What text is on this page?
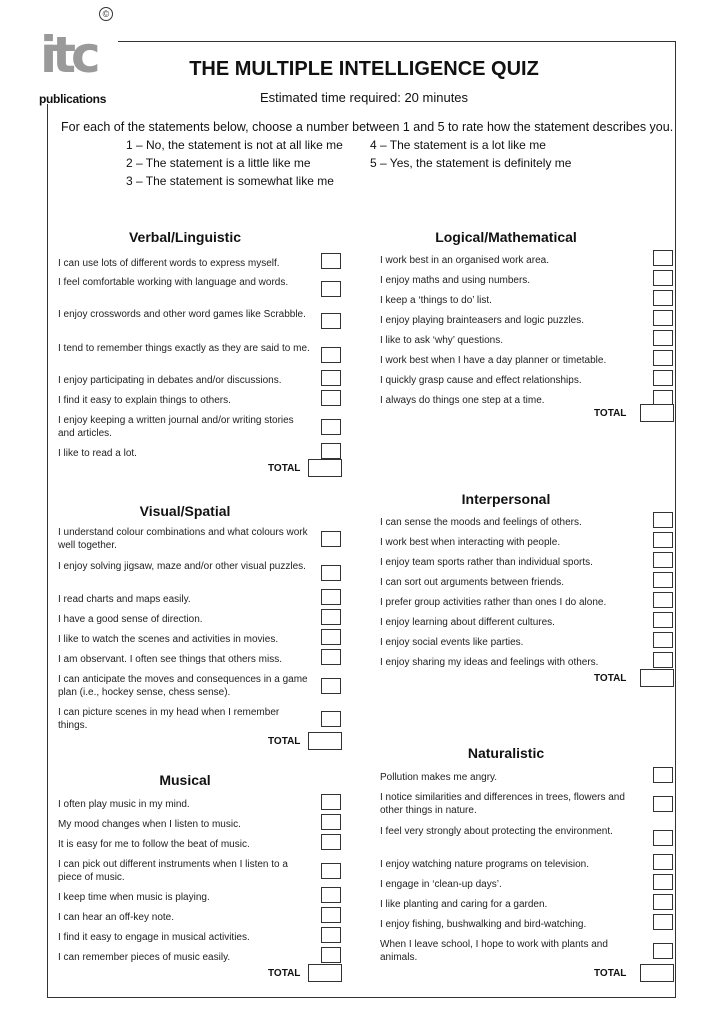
itc
©
publications
THE MULTIPLE INTELLIGENCE QUIZ
Estimated time required: 20 minutes
For each of the statements below, choose a number between 1 and 5 to rate how the statement describes you.
1 – No, the statement is not at all like me
2 – The statement is a little like me
3 – The statement is somewhat like me
4 – The statement is a lot like me
5 – Yes, the statement is definitely me
Verbal/Linguistic
I can use lots of different words to express myself.
I feel comfortable working with language and words.
I enjoy crosswords and other word games like Scrabble.
I tend to remember things exactly as they are said to me.
I enjoy participating in debates and/or discussions.
I find it easy to explain things to others.
I enjoy keeping a written journal and/or writing stories and articles.
I like to read a lot.
TOTAL
Logical/Mathematical
I work best in an organised work area.
I enjoy maths and using numbers.
I keep a ‘things to do’ list.
I enjoy playing brainteasers and logic puzzles.
I like to ask ‘why’ questions.
I work best when I have a day planner or timetable.
I quickly grasp cause and effect relationships.
I always do things one step at a time.
TOTAL
Visual/Spatial
I understand colour combinations and what colours work well together.
I enjoy solving jigsaw, maze and/or other visual puzzles.
I read charts and maps easily.
I have a good sense of direction.
I like to watch the scenes and activities in movies.
I am observant. I often see things that others miss.
I can anticipate the moves and consequences in a game plan (i.e., hockey sense, chess sense).
I can picture scenes in my head when I remember things.
TOTAL
Interpersonal
I can sense the moods and feelings of others.
I work best when interacting with people.
I enjoy team sports rather than individual sports.
I can sort out arguments between friends.
I prefer group activities rather than ones I do alone.
I enjoy learning about different cultures.
I enjoy social events like parties.
I enjoy sharing my ideas and feelings with others.
TOTAL
Musical
I often play music in my mind.
My mood changes when I listen to music.
It is easy for me to follow the beat of music.
I can pick out different instruments when I listen to a piece of music.
I keep time when music is playing.
I can hear an off-key note.
I find it easy to engage in musical activities.
I can remember pieces of music easily.
TOTAL
Naturalistic
Pollution makes me angry.
I notice similarities and differences in trees, flowers and other things in nature.
I feel very strongly about protecting the environment.
I enjoy watching nature programs on television.
I engage in ‘clean-up days’.
I like planting and caring for a garden.
I enjoy fishing, bushwalking and bird-watching.
When I leave school, I hope to work with plants and animals.
TOTAL
